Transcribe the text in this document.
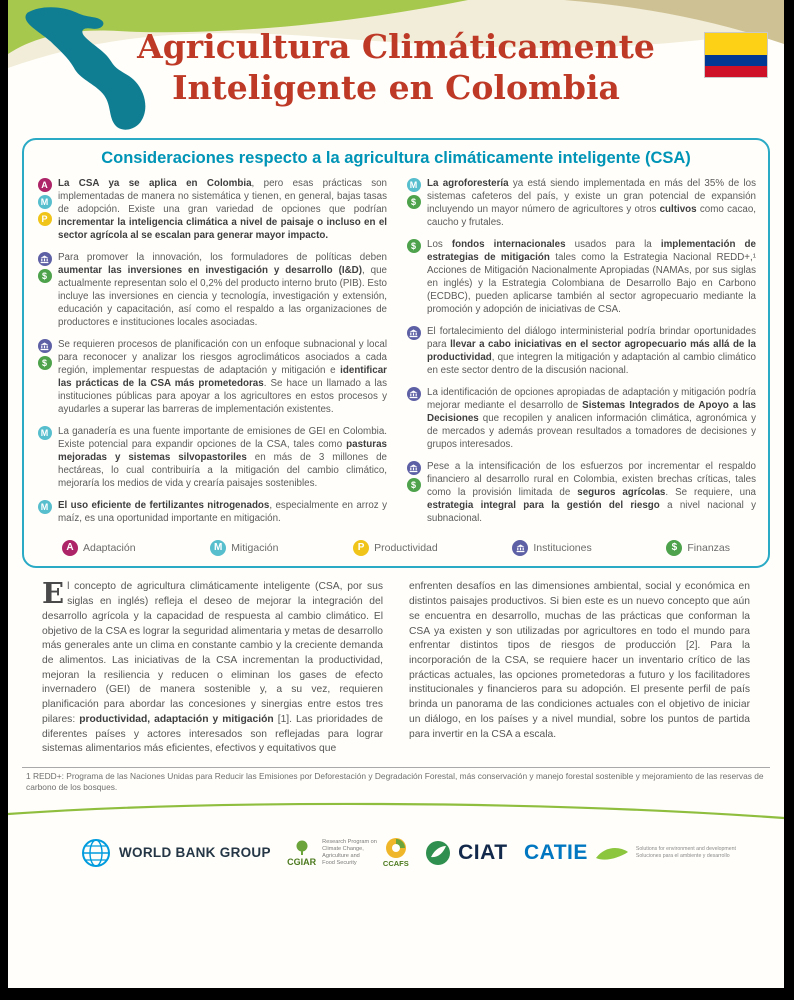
Agricultura Climáticamente
Inteligente en Colombia
Consideraciones respecto a la agricultura climáticamente inteligente (CSA)
A
M
P

La CSA ya se aplica en Colombia, pero esas prácticas son implementadas de manera no sistemática y tienen, en general, bajas tasas de adopción. Existe una gran variedad de opciones que podrían incrementar la inteligencia climática a nivel de paisaje o incluso en el sector agrícola al se escalan para generar mayor impacto.

$

Para promover la innovación, los formuladores de políticas deben aumentar las inversiones en investigación y desarrollo (I&D), que actualmente representan solo el 0,2% del producto interno bruto (PIB). Esto incluye las inversiones en ciencia y tecnología, investigación y extensión, educación y capacitación, así como el respaldo a las organizaciones de productores e instituciones locales asociadas.

$

Se requieren procesos de planificación con un enfoque subnacional y local para reconocer y analizar los riesgos agroclimáticos asociados a cada región, implementar respuestas de adaptación y mitigación e identificar las prácticas de la CSA más prometedoras. Se hace un llamado a las instituciones públicas para apoyar a los agricultores en estos procesos y ayudarles a superar las barreras de implementación existentes.

M La ganadería es una fuente importante de emisiones de GEI en Colombia. Existe potencial para expandir opciones de la CSA, tales como pasturas mejoradas y sistemas silvopastoriles en más de 3 millones de hectáreas, lo cual contribuiría a la mitigación del cambio climático, mejoraría los medios de vida y crearía paisajes sostenibles.

M El uso eficiente de fertilizantes nitrogenados, especialmente en arroz y maíz, es una oportunidad importante en mitigación.

M
$

La agroforestería ya está siendo implementada en más del 35% de los sistemas cafeteros del país, y existe un gran potencial de expansión incluyendo un mayor número de agricultores y otros cultivos como cacao, caucho y frutales.

$	Los fondos internacionales usados para la implementación de estrategias de mitigación tales como la Estrategia Nacional REDD+,¹ Acciones de Mitigación Nacionalmente Apropiadas (NAMAs, por sus siglas en inglés) y la Estrategia Colombiana de Desarrollo Bajo en Carbono (ECDBC), pueden aplicarse también al sector agropecuario mediante la promoción y adopción de iniciativas de CSA.

El fortalecimiento del diálogo interministerial podría brindar oportunidades para llevar a cabo iniciativas en el sector agropecuario más allá de la productividad, que integren la mitigación y adaptación al cambio climático en este sector dentro de la discusión nacional.

La identificación de opciones apropiadas de adaptación y mitigación podría mejorar mediante el desarrollo de Sistemas Integrados de Apoyo a las Decisiones que recopilen y analicen información climática, agronómica y de mercados y además provean resultados a tomadores de decisiones y grupos interesados.

$

Pese a la intensificación de los esfuerzos por incrementar el respaldo financiero al desarrollo rural en Colombia, existen brechas críticas, tales como la provisión limitada de seguros agrícolas. Se requiere, una estrategia integral para la gestión del riesgo a nivel nacional y subnacional.

A Adaptación	M Mitigación	P Productividad	Instituciones	$ Finanzas
El concepto de agricultura climáticamente inteligente (CSA, por sus siglas en inglés) refleja el deseo de mejorar la integración del desarrollo agrícola y la capacidad de respuesta al cambio climático. El objetivo de la CSA es lograr la seguridad alimentaria y metas de desarrollo más generales ante un clima en constante cambio y la creciente demanda de alimentos. Las iniciativas de la CSA incrementan la productividad, mejoran la resiliencia y reducen o eliminan los gases de efecto invernadero (GEI) de manera sostenible y, a su vez, requieren planificación para abordar las concesiones y sinergias entre estos tres pilares: productividad, adaptación y mitigación [1]. Las prioridades de diferentes países y actores interesados son reflejadas para lograr sistemas alimentarios más eficientes, efectivos y equitativos que
enfrenten desafíos en las dimensiones ambiental, social y económica en distintos paisajes productivos. Si bien este es un nuevo concepto que aún se encuentra en desarrollo, muchas de las prácticas que conforman la CSA ya existen y son utilizadas por agricultores en todo el mundo para enfrentar distintos tipos de riesgos de producción [2]. Para la incorporación de la CSA, se requiere hacer un inventario crítico de las prácticas actuales, las opciones prometedoras a futuro y los facilitadores institucionales y financieros para su adopción. El presente perfil de país brinda un panorama de las condiciones actuales con el objetivo de iniciar un diálogo, en los países y a nivel mundial, sobre los puntos de partida para invertir en la CSA a escala.
1 REDD+: Programa de las Naciones Unidas para Reducir las Emisiones por Deforestación y Degradación Forestal, más conservación y manejo forestal sostenible y mejoramiento de las reservas de carbono de los bosques.
WORLD BANK GROUP
CGIAR
Research Program on
Climate Change,
Agriculture and
Food Security	CCAFS CIAT CATIE	Solutions for environment and development
Soluciones para el ambiente y desarrollo
